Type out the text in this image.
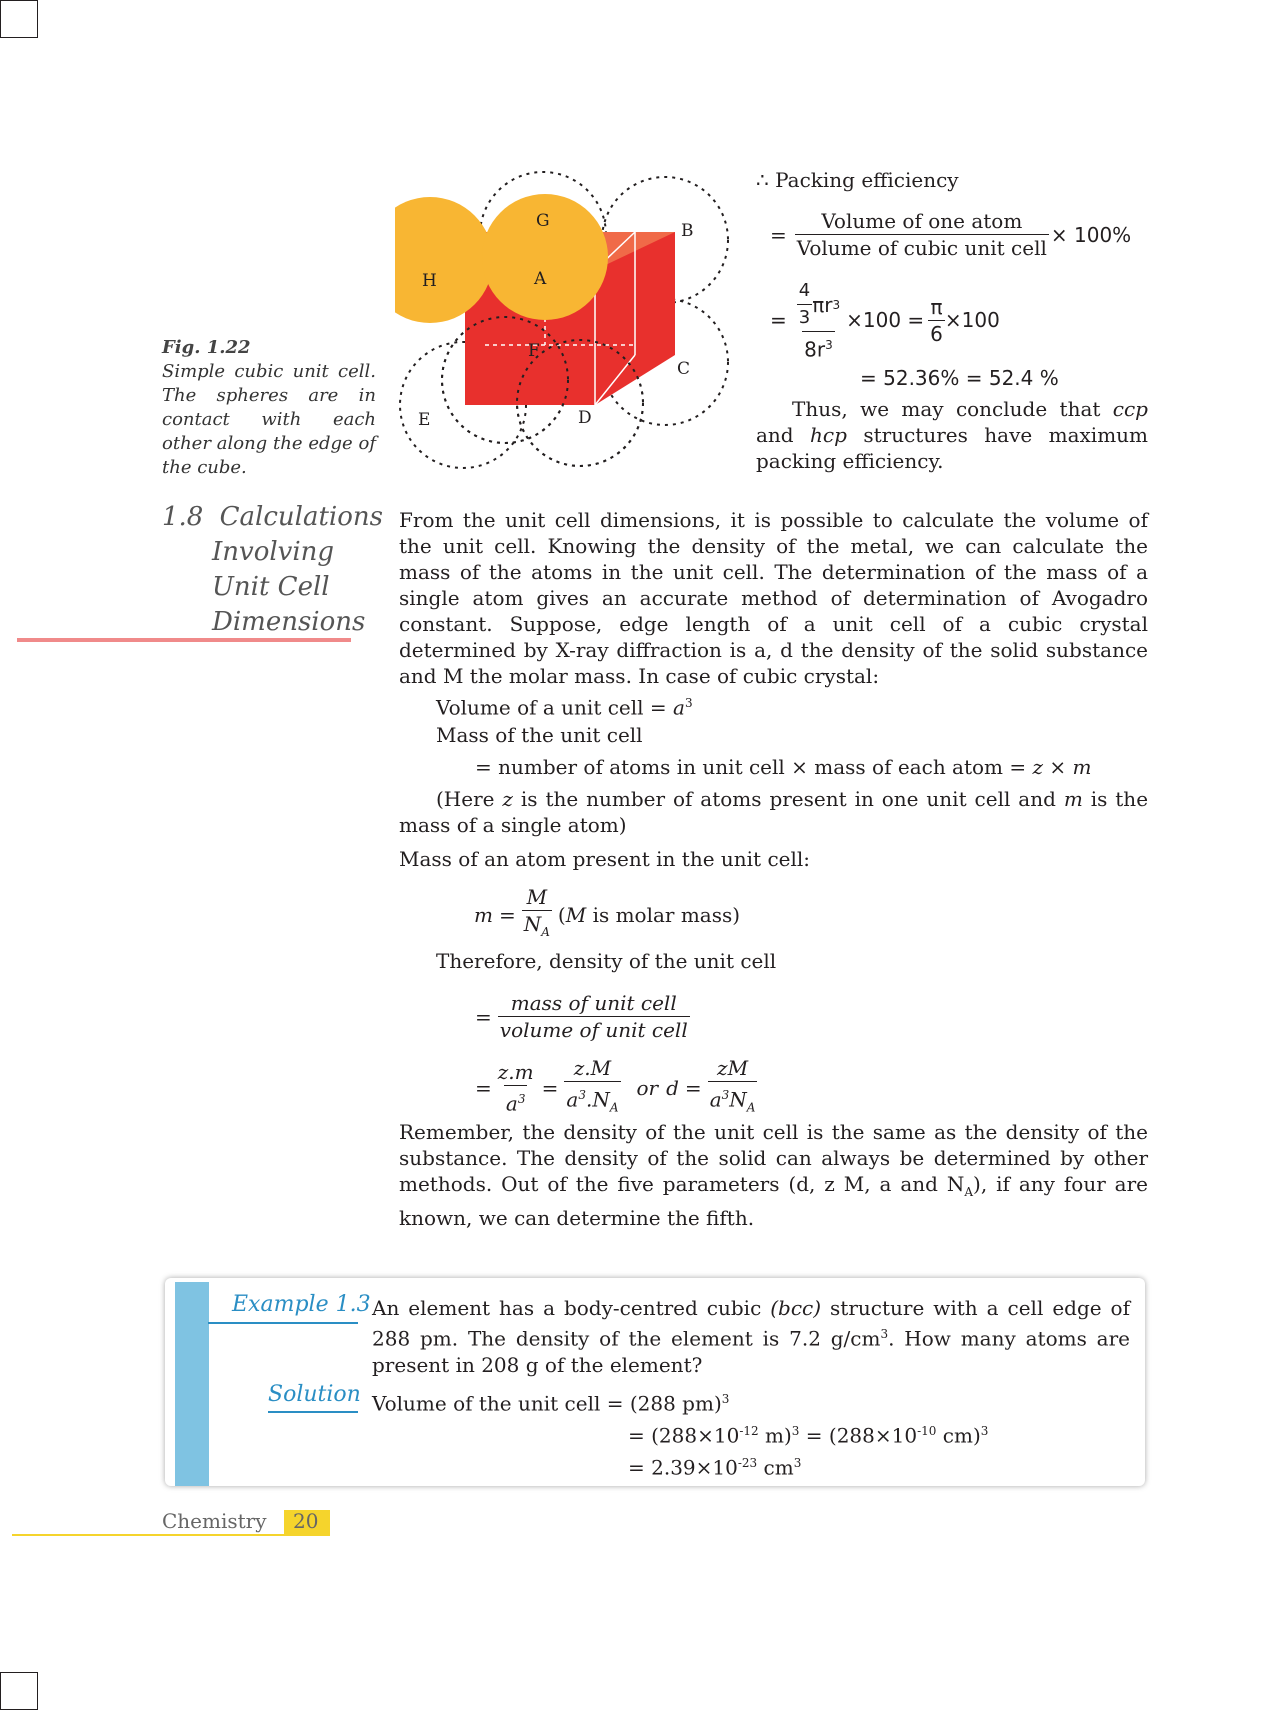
G	B
H	A
F
C
E	D
Fig. 1.22
Simple cubic unit cell. The spheres are in contact with each other along the edge of the cube.
∴ Packing efficiency
= $\frac{\text{Volume of one atom}}{\text{Volume of cubic unit cell}} \times 100\%$
= $\frac{\frac{4}{3} \pi r 3}{8r^3} \times 100 = \frac{\pi}{6} \times 100$
= 52.36% = 52.4 %
Thus, we may conclude that ccp and hcp structures have maximum packing efficiency.
1.8 Calculations
Involving
Unit Cell
Dimensions
From the unit cell dimensions, it is possible to calculate the volume of the unit cell. Knowing the density of the metal, we can calculate the mass of the atoms in the unit cell. The determination of the mass of a single atom gives an accurate method of determination of Avogadro constant. Suppose, edge length of a unit cell of a cubic crystal determined by X-ray diffraction is a, d the density of the solid substance and M the molar mass. In case of cubic crystal:
Volume of a unit cell = $a^3$
Mass of the unit cell
= number of atoms in unit cell × mass of each atom = z × m
(Here z is the number of atoms present in one unit cell and m is the mass of a single atom)
Mass of an atom present in the unit cell:
$m = \frac{M}{N_A} (M$ is molar mass)
Therefore, density of the unit cell
= $\frac{\text{mass of unit cell}}{\text{volume of unit cell}}$
= $\frac{z.m}{a^3} = \frac{z.M}{a^3.N_A}$ or $d = \frac{zM}{a^3N_A}$
Remember, the density of the unit cell is the same as the density of the substance. The density of the solid can always be determined by other methods. Out of the five parameters (d, z M, a and $N_A$), if any four are known, we can determine the fifth.
Example 1.3 An element has a body-centred cubic (bcc) structure with a cell edge of 288 pm. The density of the element is 7.2 $g/cm^3$. How many atoms are present in 208 g of the element?
Solution Volume of the unit cell = (288 pm)$^3$
= ($288\times 10^{-12}$ $m)^3 = (288\times 10^{-10}$ cm)$^3$
= $2.39\times 10^{-23}$ $cm^3$
Chemistry 20
